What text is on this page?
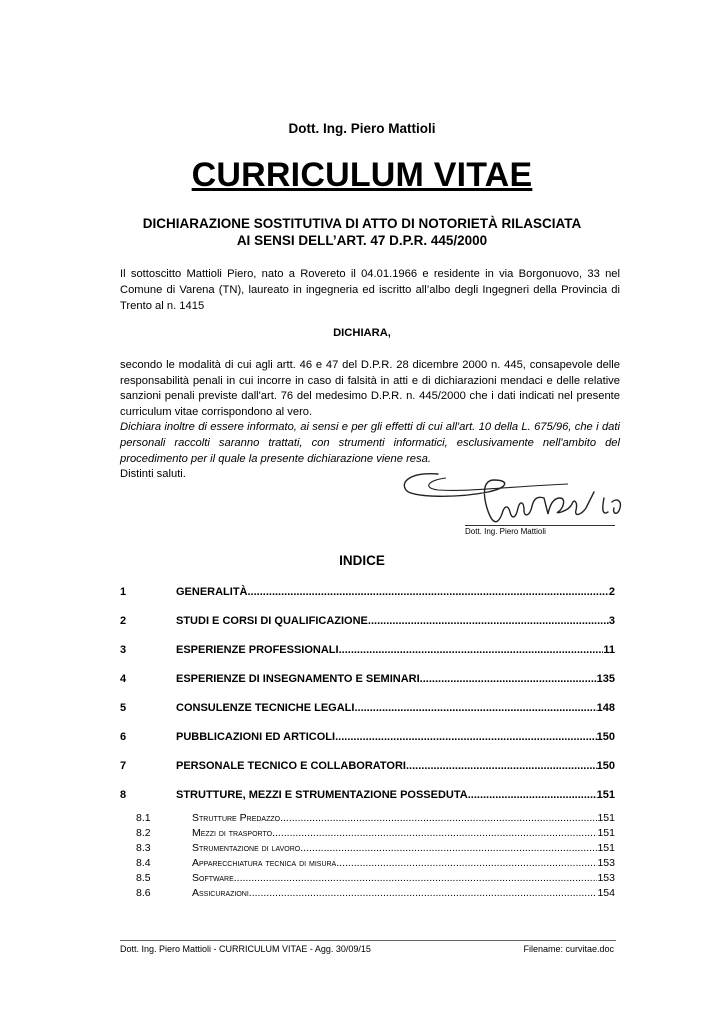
Dott. Ing. Piero Mattioli
CURRICULUM VITAE
DICHIARAZIONE SOSTITUTIVA DI ATTO DI NOTORIETÀ RILASCIATA
AI SENSI DELL’ART. 47 D.P.R. 445/2000
Il sottoscitto Mattioli Piero, nato a Rovereto il 04.01.1966 e residente in via Borgonuovo, 33 nel Comune di Varena (TN), laureato in ingegneria ed iscritto all’albo degli Ingegneri della Provincia di Trento al n. 1415
DICHIARA,

secondo le modalità di cui agli artt. 46 e 47 del D.P.R. 28 dicembre 2000 n. 445, consapevole delle responsabilità penali in cui incorre in caso di falsità in atti e di dichiarazioni mendaci e delle relative sanzioni penali previste dall'art. 76 del medesimo D.P.R. n. 445/2000 che i dati indicati nel presente curriculum vitae corrispondono al vero.

Dichiara inoltre di essere informato, ai sensi e per gli effetti di cui all'art. 10 della L. 675/96, che i dati personali raccolti saranno trattati, con strumenti informatici, esclusivamente nell'ambito del procedimento per il quale la presente dichiarazione viene resa.

Distinti saluti.

Dott. Ing. Piero Mattioli
INDICE
1	GENERALITÀ .....	2
2	STUDI E CORSI DI QUALIFICAZIONE .....	3
3	ESPERIENZE PROFESSIONALI .....	11
4	ESPERIENZE DI INSEGNAMENTO E SEMINARI .....	135
5	CONSULENZE TECNICHE LEGALI .....	148
6	PUBBLICAZIONI ED ARTICOLI .....	150
7	PERSONALE TECNICO E COLLABORATORI .....	150
8	STRUTTURE, MEZZI E STRUMENTAZIONE POSSEDUTA .....	151
8.1	Strutture Predazzo .....	151
8.2	Mezzi di trasporto .....	151
8.3	Strumentazione di lavoro .....	151
8.4	Apparecchiatura tecnica di misura .....	153
8.5	Software .....	153
8.6	Assicurazioni .....	154
Dott. Ing. Piero Mattioli - CURRICULUM VITAE - Agg. 30/09/15	Filename: curvitae.doc
